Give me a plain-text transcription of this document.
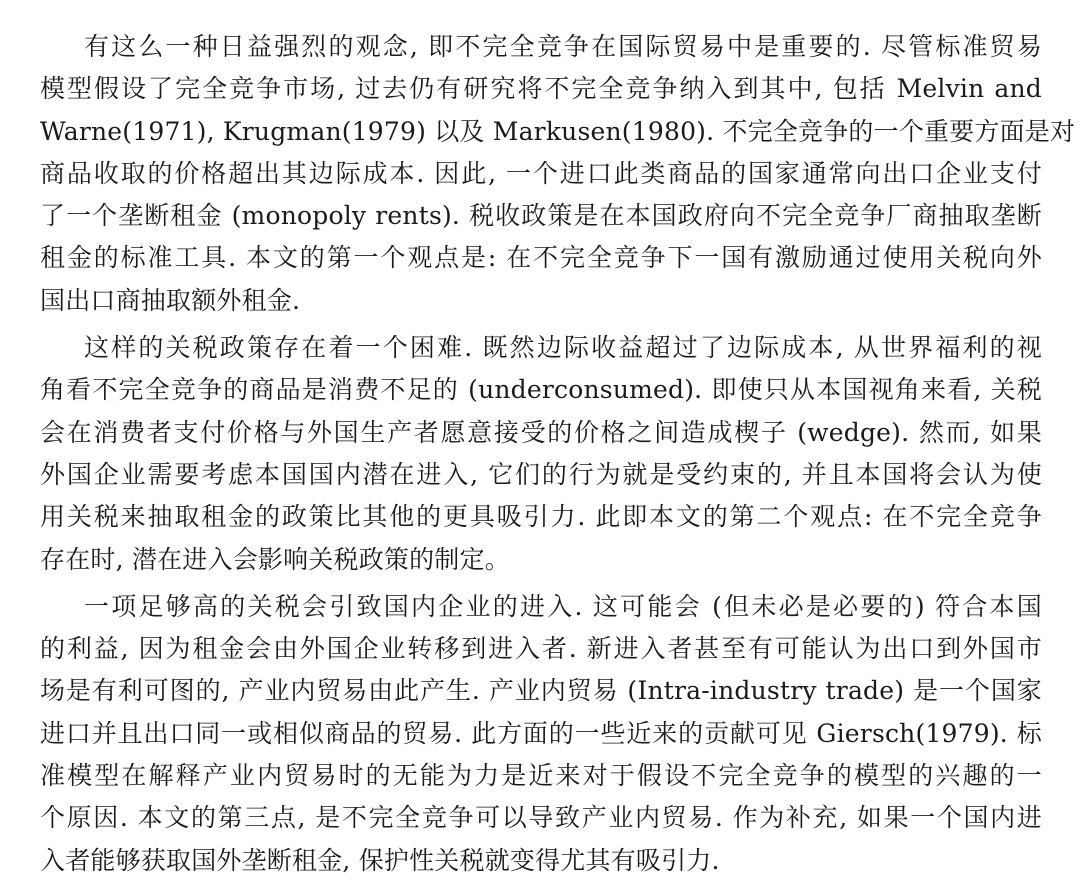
有这么一种日益强烈的观念, 即不完全竞争在国际贸易中是重要的. 尽管标准贸易
模型假设了完全竞争市场, 过去仍有研究将不完全竞争纳入到其中, 包括 Melvin and
Warne(1971), Krugman(1979) 以及 Markusen(1980). 不完全竞争的一个重要方面是对
商品收取的价格超出其边际成本. 因此, 一个进口此类商品的国家通常向出口企业支付
了一个垄断租金 (monopoly rents). 税收政策是在本国政府向不完全竞争厂商抽取垄断
租金的标准工具. 本文的第一个观点是: 在不完全竞争下一国有激励通过使用关税向外
国出口商抽取额外租金.
这样的关税政策存在着一个困难. 既然边际收益超过了边际成本, 从世界福利的视
角看不完全竞争的商品是消费不足的 (underconsumed). 即使只从本国视角来看, 关税
会在消费者支付价格与外国生产者愿意接受的价格之间造成楔子 (wedge). 然而, 如果
外国企业需要考虑本国国内潜在进入, 它们的行为就是受约束的, 并且本国将会认为使
用关税来抽取租金的政策比其他的更具吸引力. 此即本文的第二个观点: 在不完全竞争
存在时, 潜在进入会影响关税政策的制定。
一项足够高的关税会引致国内企业的进入. 这可能会 (但未必是必要的) 符合本国
的利益, 因为租金会由外国企业转移到进入者. 新进入者甚至有可能认为出口到外国市
场是有利可图的, 产业内贸易由此产生. 产业内贸易 (Intra-industry trade) 是一个国家
进口并且出口同一或相似商品的贸易. 此方面的一些近来的贡献可见 Giersch(1979). 标
准模型在解释产业内贸易时的无能为力是近来对于假设不完全竞争的模型的兴趣的一
个原因. 本文的第三点, 是不完全竞争可以导致产业内贸易. 作为补充, 如果一个国内进
入者能够获取国外垄断租金, 保护性关税就变得尤其有吸引力.
